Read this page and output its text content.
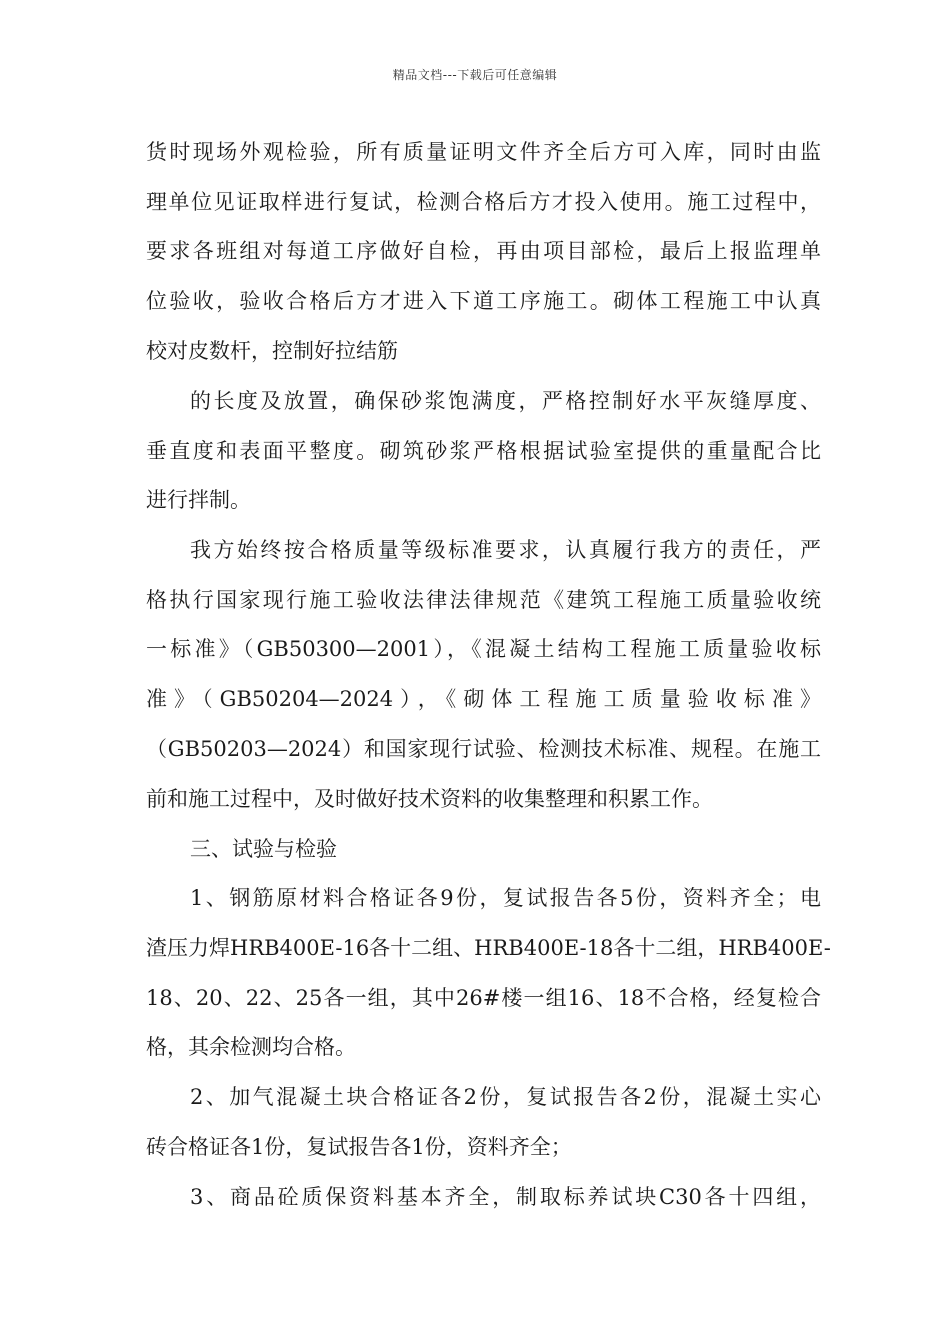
精品文档---下载后可任意编辑
货时现场外观检验，所有质量证明文件齐全后方可入库，同时由监
理单位见证取样进行复试，检测合格后方才投入使用。施工过程中，
要求各班组对每道工序做好自检，再由项目部检，最后上报监理单
位验收，验收合格后方才进入下道工序施工。砌体工程施工中认真
校对皮数杆，控制好拉结筋
的长度及放置，确保砂浆饱满度，严格控制好水平灰缝厚度、
垂直度和表面平整度。砌筑砂浆严格根据试验室提供的重量配合比
进行拌制。
我方始终按合格质量等级标准要求，认真履行我方的责任，严
格执行国家现行施工验收法律法律规范《建筑工程施工质量验收统
一标准》（GB50300—2001），《混凝土结构工程施工质量验收标
准》（GB50204—2024），《砌体工程施工质量验收标准》
（GB50203—2024）和国家现行试验、检测技术标准、规程。在施工
前和施工过程中，及时做好技术资料的收集整理和积累工作。
三、试验与检验
1、钢筋原材料合格证各9份，复试报告各5份，资料齐全；电
渣压力焊HRB400E-16各十二组、HRB400E-18各十二组，HRB400E-
18、20、22、25各一组，其中26#楼一组16、18不合格，经复检合
格，其余检测均合格。
2、加气混凝土块合格证各2份，复试报告各2份，混凝土实心
砖合格证各1份，复试报告各1份，资料齐全；
3、商品砼质保资料基本齐全，制取标养试块C30各十四组，
